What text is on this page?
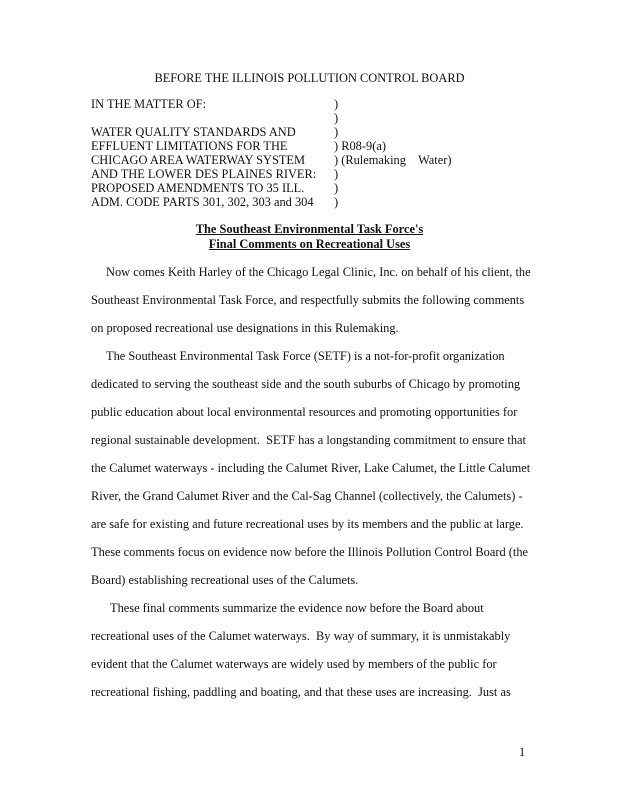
BEFORE THE ILLINOIS POLLUTION CONTROL BOARD
IN THE MATTER OF:
WATER QUALITY STANDARDS AND
EFFLUENT LIMITATIONS FOR THE
CHICAGO AREA WATERWAY SYSTEM
AND THE LOWER DES PLAINES RIVER:
PROPOSED AMENDMENTS TO 35 ILL.
ADM. CODE PARTS 301, 302, 303 and 304
)
)
)
) R08-9(a)
) (Rulemaking    Water)
)
)
)
The Southeast Environmental Task Force's
Final Comments on Recreational Uses
Now comes Keith Harley of the Chicago Legal Clinic, Inc. on behalf of his client, the
Southeast Environmental Task Force, and respectfully submits the following comments
on proposed recreational use designations in this Rulemaking.
The Southeast Environmental Task Force (SETF) is a not-for-profit organization
dedicated to serving the southeast side and the south suburbs of Chicago by promoting
public education about local environmental resources and promoting opportunities for
regional sustainable development.  SETF has a longstanding commitment to ensure that
the Calumet waterways - including the Calumet River, Lake Calumet, the Little Calumet
River, the Grand Calumet River and the Cal-Sag Channel (collectively, the Calumets) -
are safe for existing and future recreational uses by its members and the public at large.
These comments focus on evidence now before the Illinois Pollution Control Board (the
Board) establishing recreational uses of the Calumets.
These final comments summarize the evidence now before the Board about
recreational uses of the Calumet waterways.  By way of summary, it is unmistakably
evident that the Calumet waterways are widely used by members of the public for
recreational fishing, paddling and boating, and that these uses are increasing.  Just as
1
